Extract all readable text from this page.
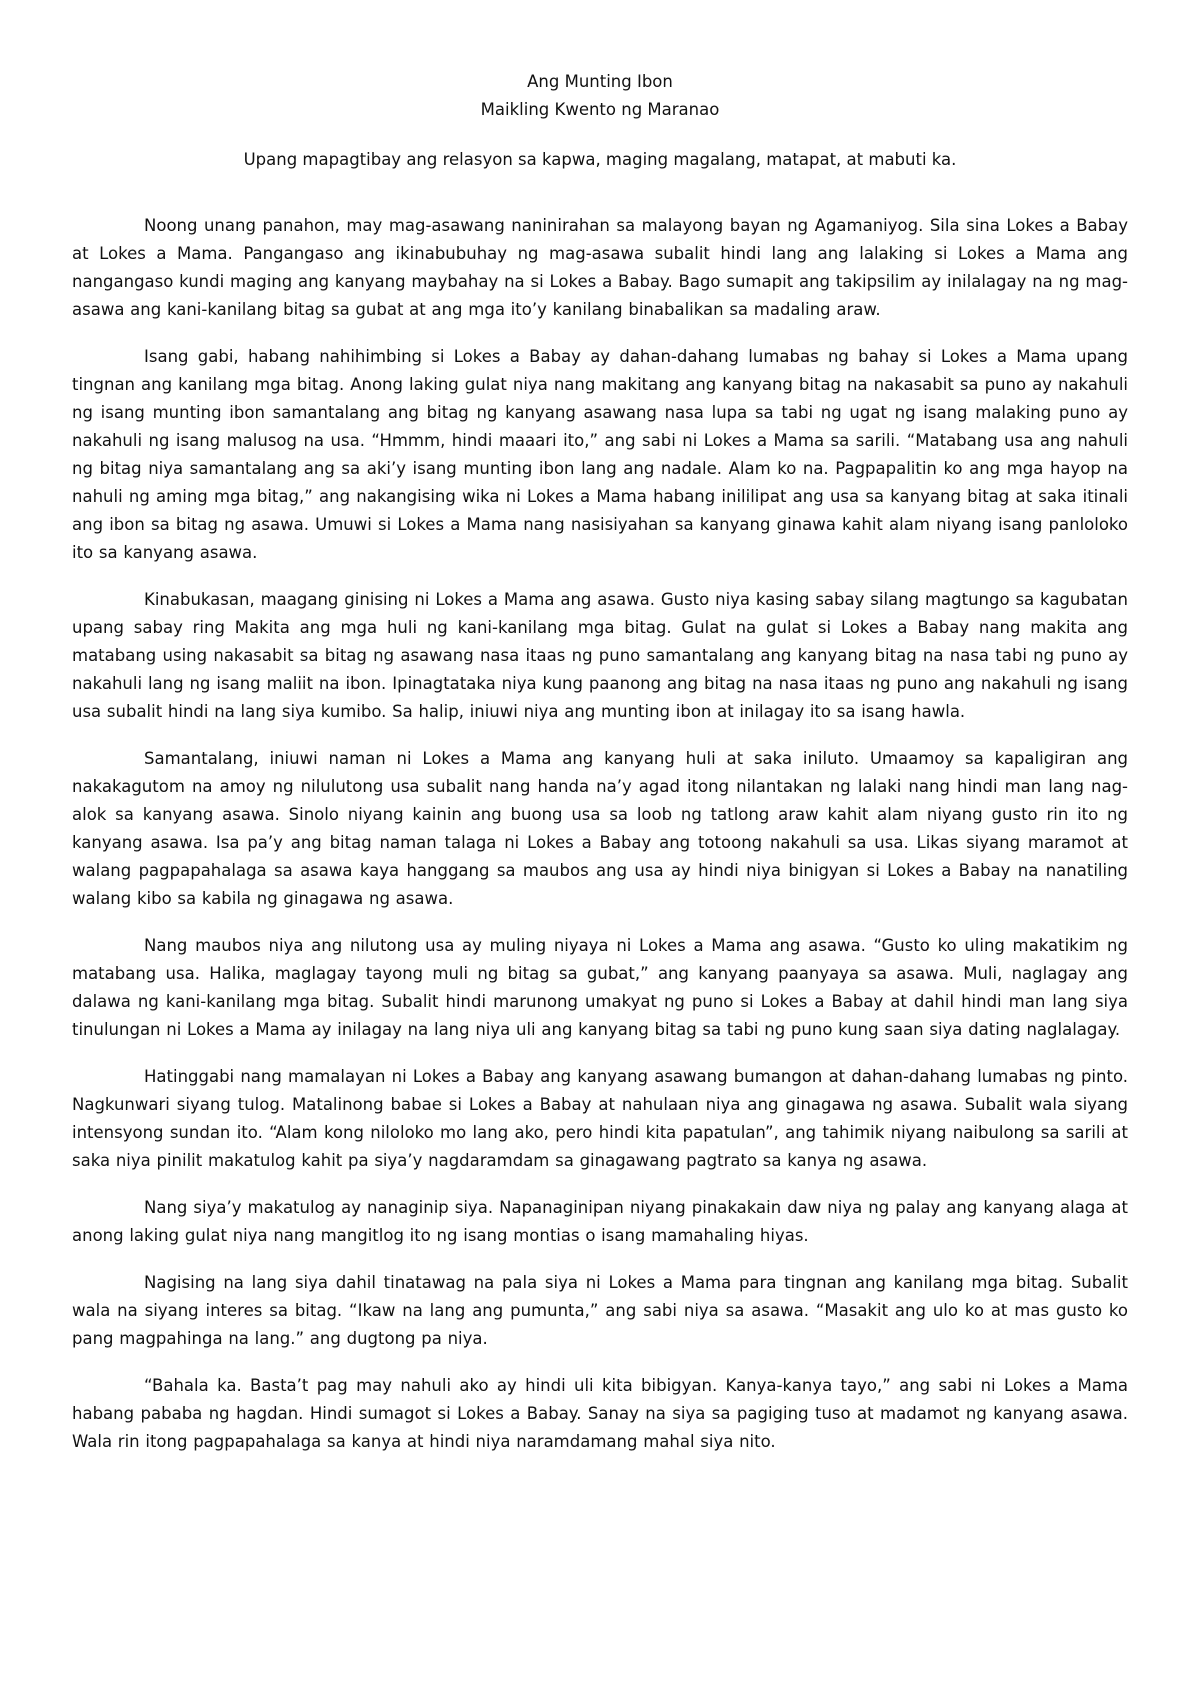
Ang Munting Ibon

Maikling Kwento ng Maranao

Upang mapagtibay ang relasyon sa kapwa, maging magalang, matapat, at mabuti ka.

Noong unang panahon, may mag-asawang naninirahan sa malayong bayan ng Agamaniyog. Sila sina Lokes a Babay at Lokes a Mama. Pangangaso ang ikinabubuhay ng mag-asawa subalit hindi lang ang lalaking si Lokes a Mama ang nangangaso kundi maging ang kanyang maybahay na si Lokes a Babay. Bago sumapit ang takipsilim ay inilalagay na ng mag-asawa ang kani-kanilang bitag sa gubat at ang mga ito’y kanilang binabalikan sa madaling araw.

Isang gabi, habang nahihimbing si Lokes a Babay ay dahan-dahang lumabas ng bahay si Lokes a Mama upang tingnan ang kanilang mga bitag. Anong laking gulat niya nang makitang ang kanyang bitag na nakasabit sa puno ay nakahuli ng isang munting ibon samantalang ang bitag ng kanyang asawang nasa lupa sa tabi ng ugat ng isang malaking puno ay nakahuli ng isang malusog na usa. “Hmmm, hindi maaari ito,” ang sabi ni Lokes a Mama sa sarili. “Matabang usa ang nahuli ng bitag niya samantalang ang sa aki’y isang munting ibon lang ang nadale. Alam ko na. Pagpapalitin ko ang mga hayop na nahuli ng aming mga bitag,” ang nakangising wika ni Lokes a Mama habang inililipat ang usa sa kanyang bitag at saka itinali ang ibon sa bitag ng asawa. Umuwi si Lokes a Mama nang nasisiyahan sa kanyang ginawa kahit alam niyang isang panloloko ito sa kanyang asawa.

Kinabukasan, maagang ginising ni Lokes a Mama ang asawa. Gusto niya kasing sabay silang magtungo sa kagubatan upang sabay ring Makita ang mga huli ng kani-kanilang mga bitag. Gulat na gulat si Lokes a Babay nang makita ang matabang using nakasabit sa bitag ng asawang nasa itaas ng puno samantalang ang kanyang bitag na nasa tabi ng puno ay nakahuli lang ng isang maliit na ibon. Ipinagtataka niya kung paanong ang bitag na nasa itaas ng puno ang nakahuli ng isang usa subalit hindi na lang siya kumibo. Sa halip, iniuwi niya ang munting ibon at inilagay ito sa isang hawla.

Samantalang, iniuwi naman ni Lokes a Mama ang kanyang huli at saka iniluto. Umaamoy sa kapaligiran ang nakakagutom na amoy ng nilulutong usa subalit nang handa na’y agad itong nilantakan ng lalaki nang hindi man lang nag-alok sa kanyang asawa. Sinolo niyang kainin ang buong usa sa loob ng tatlong araw kahit alam niyang gusto rin ito ng kanyang asawa. Isa pa’y ang bitag naman talaga ni Lokes a Babay ang totoong nakahuli sa usa. Likas siyang maramot at walang pagpapahalaga sa asawa kaya hanggang sa maubos ang usa ay hindi niya binigyan si Lokes a Babay na nanatiling walang kibo sa kabila ng ginagawa ng asawa.

Nang maubos niya ang nilutong usa ay muling niyaya ni Lokes a Mama ang asawa. “Gusto ko uling makatikim ng matabang usa. Halika, maglagay tayong muli ng bitag sa gubat,” ang kanyang paanyaya sa asawa. Muli, naglagay ang dalawa ng kani-kanilang mga bitag. Subalit hindi marunong umakyat ng puno si Lokes a Babay at dahil hindi man lang siya tinulungan ni Lokes a Mama ay inilagay na lang niya uli ang kanyang bitag sa tabi ng puno kung saan siya dating naglalagay.

Hatinggabi nang mamalayan ni Lokes a Babay ang kanyang asawang bumangon at dahan-dahang lumabas ng pinto. Nagkunwari siyang tulog. Matalinong babae si Lokes a Babay at nahulaan niya ang ginagawa ng asawa. Subalit wala siyang intensyong sundan ito. “Alam kong niloloko mo lang ako, pero hindi kita papatulan”, ang tahimik niyang naibulong sa sarili at saka niya pinilit makatulog kahit pa siya’y nagdaramdam sa ginagawang pagtrato sa kanya ng asawa.

Nang siya’y makatulog ay nanaginip siya. Napanaginipan niyang pinakakain daw niya ng palay ang kanyang alaga at anong laking gulat niya nang mangitlog ito ng isang montias o isang mamahaling hiyas.

Nagising na lang siya dahil tinatawag na pala siya ni Lokes a Mama para tingnan ang kanilang mga bitag. Subalit wala na siyang interes sa bitag. “Ikaw na lang ang pumunta,” ang sabi niya sa asawa. “Masakit ang ulo ko at mas gusto ko pang magpahinga na lang.” ang dugtong pa niya.

“Bahala ka. Basta’t pag may nahuli ako ay hindi uli kita bibigyan. Kanya-kanya tayo,” ang sabi ni Lokes a Mama habang pababa ng hagdan. Hindi sumagot si Lokes a Babay. Sanay na siya sa pagiging tuso at madamot ng kanyang asawa. Wala rin itong pagpapahalaga sa kanya at hindi niya naramdamang mahal siya nito.
